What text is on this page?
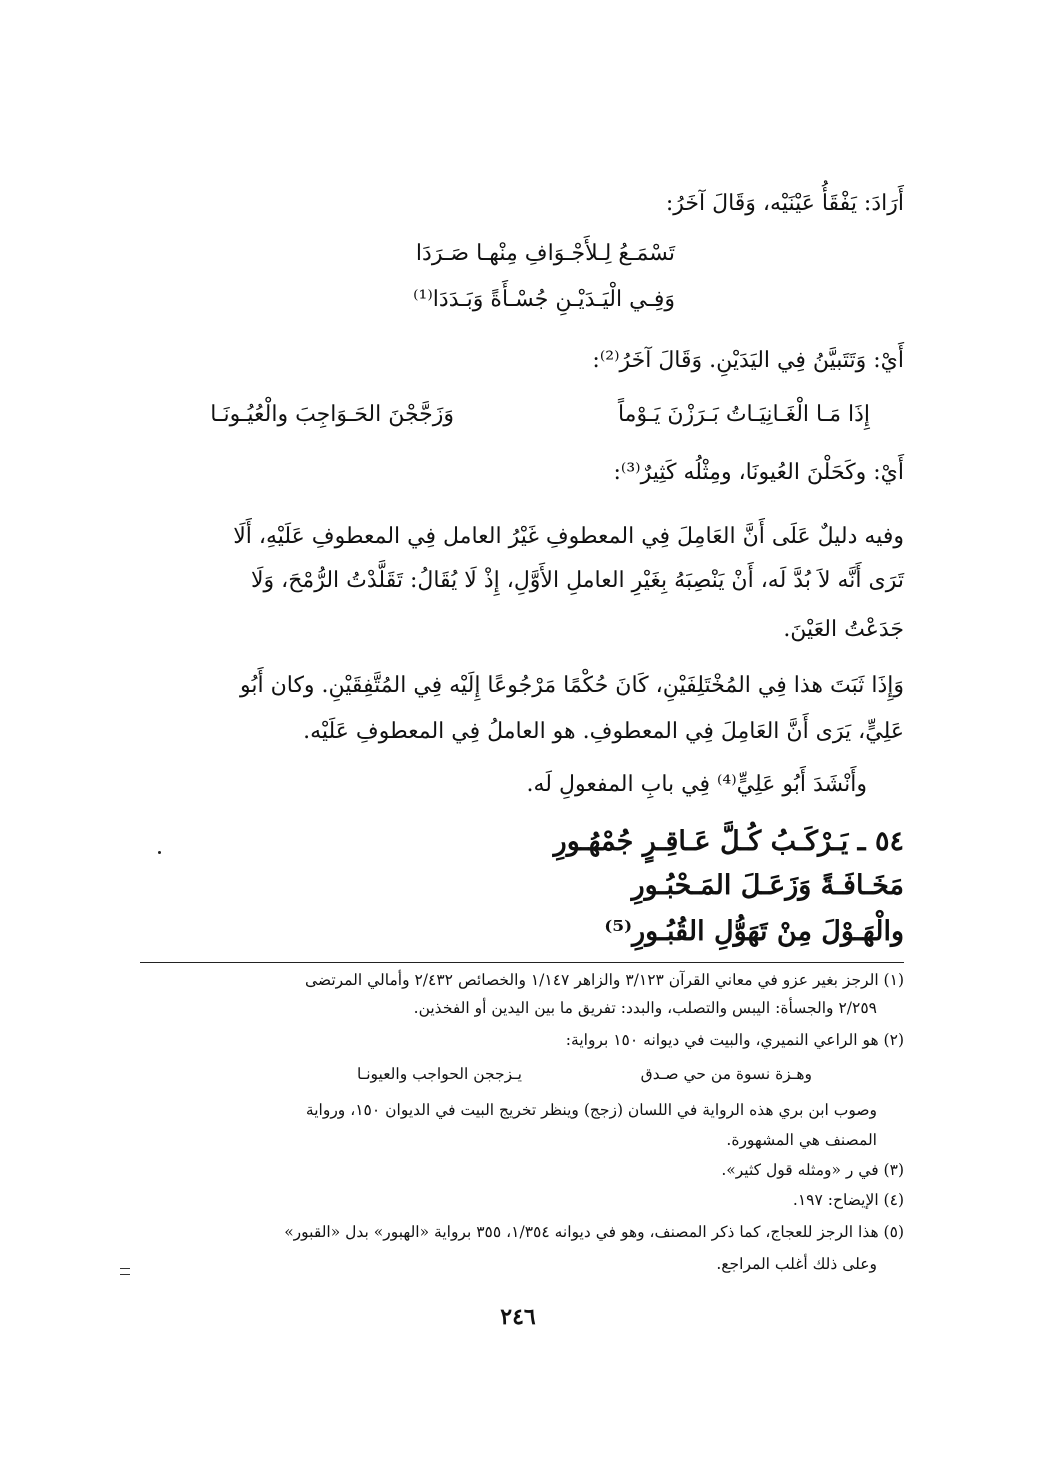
أَرَادَ: يَفْقَأُ عَيْنَيْه، وَقَالَ آخَرُ:

تَسْمَـعُ لِـلأَجْـوَافِ مِنْهـا صَـرَدَا

وَفِـي الْيَـدَيْـنِ جُسْـأَةً وَبَـدَدَا⁽¹⁾

أَيْ: وَتَتَبيَّنُ فِي اليَدَيْنِ. وَقَالَ آخَرُ⁽²⁾:

إِذَا مَـا الْغَـانِيَـاتُ بَـرَزْنَ يَـوْماً

وَزَجَّجْنَ الحَـوَاجِبَ والْعُيُـونَـا

أَيْ: وكَحَلْنَ العُيونَا، ومِثْلُه كَثِيرٌ⁽³⁾:

وفيه دليلٌ عَلَى أَنَّ العَامِلَ فِي المعطوفِ غَيْرُ العامل فِي المعطوفِ عَلَيْهِ، أَلَا

تَرَى أَنَّه لاَ بُدَّ لَه، أَنْ يَنْصِبَهُ بِغَيْرِ العاملِ الأَوَّلِ، إِذْ لَا يُقَالُ: تَقَلَّدْتُ الرُّمْحَ، وَلَا

جَدَعْتُ العَيْنَ.

وَإِذَا ثَبَتَ هذا فِي المُخْتَلِفَيْنِ، كَانَ حُكْمًا مَرْجُوعًا إِلَيْه فِي المُتَّفِقَيْنِ. وكان أَبُو

عَلِيٍّ، يَرَى أَنَّ العَامِلَ فِي المعطوفِ. هو العاملُ فِي المعطوفِ عَلَيْه.

وأَنْشَدَ أَبُو عَلِيٍّ⁽⁴⁾ فِي بابِ المفعولِ لَه.

٥٤ ـ يَـرْكَـبُ كُـلَّ عَـاقِـرٍ جُمْهُـورِ

مَخَـافَـةً وَزَعَـلَ المَـحْبُـورِ

والْهَـوْلَ مِنْ تَهَوُّلِ القُبُـورِ⁽⁵⁾

(١) الرجز بغير عزو في معاني القرآن ٣/١٢٣ والزاهر ١/١٤٧ والخصائص ٢/٤٣٢ وأمالي المرتضى

٢/٢٥٩ والجسأة: اليبس والتصلب، والبدد: تفريق ما بين اليدين أو الفخذين.

(٢) هو الراعي النميري، والبيت في ديوانه ١٥٠ برواية:

وهـزة نسوة من حي صـدق

يـزججن الحواجب والعيونـا

وصوب ابن بري هذه الرواية في اللسان (زجج) وينظر تخريج البيت في الديوان ١٥٠، ورواية

المصنف هي المشهورة.

(٣) في ر «ومثله قول كثير».

(٤) الإيضاح: ١٩٧.

(٥) هذا الرجز للعجاج، كما ذكر المصنف، وهو في ديوانه ١/٣٥٤، ٣٥٥ برواية «الهبور» بدل «القبور»

وعلى ذلك أغلب المراجع.

٢٤٦
